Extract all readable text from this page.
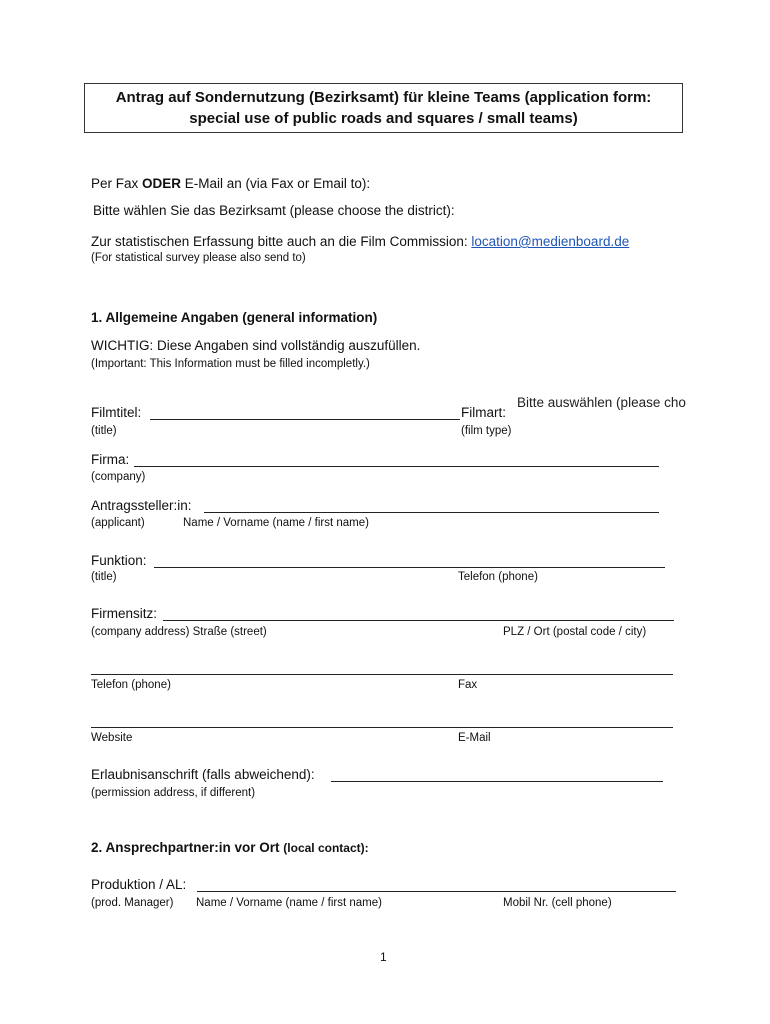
Antrag auf Sondernutzung (Bezirksamt) für kleine Teams (application form:
special use of public roads and squares / small teams)
Per Fax ODER E-Mail an (via Fax or Email to):
Bitte wählen Sie das Bezirksamt (please choose the district):
Zur statistischen Erfassung bitte auch an die Film Commission: location@medienboard.de
(For statistical survey please also send to)
1. Allgemeine Angaben (general information)
WICHTIG: Diese Angaben sind vollständig auszufüllen.
(Important: This Information must be filled incompletly.)
Bitte auswählen (please cho
Filmtitel:	Filmart:
(title)	(film type)
Firma:
(company)
Antragssteller:in:
(applicant)	Name / Vorname (name / first name)
Funktion:
(title)	Telefon (phone)
Firmensitz:
(company address) Straße (street)	PLZ / Ort (postal code / city)
Telefon (phone)	Fax
Website	E-Mail
Erlaubnisanschrift (falls abweichend):
(permission address, if different)
2. Ansprechpartner:in vor Ort (local contact):
Produktion / AL:
(prod. Manager) Name / Vorname (name / first name)	Mobil Nr. (cell phone)
1
